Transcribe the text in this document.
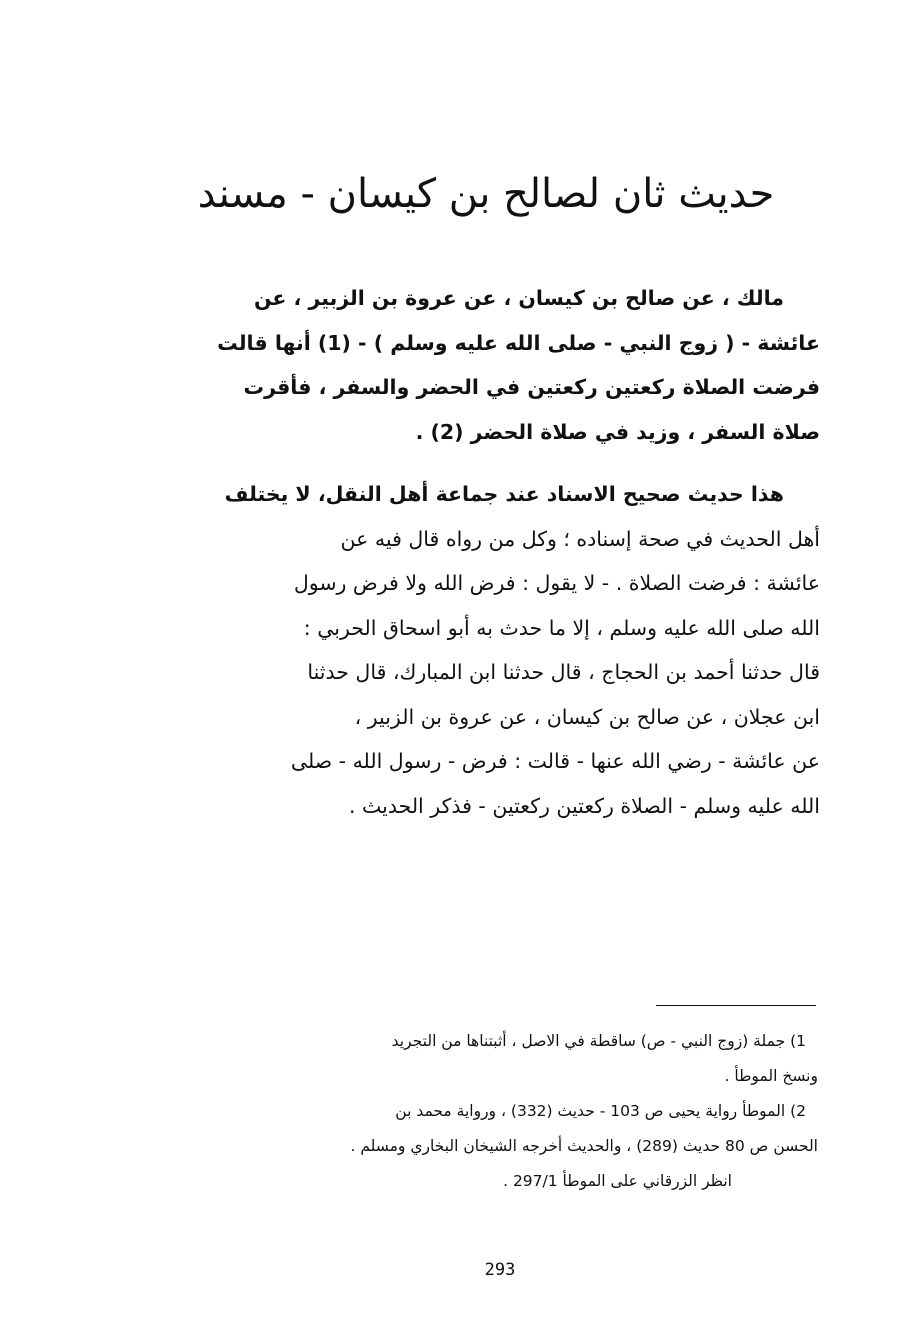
حديث ثان لصالح بن كيسان - مسند
مالك ، عن صالح بن كيسان ، عن عروة بن الزبير ، عن
عائشة - ( زوج النبي - صلى الله عليه وسلم ) - (1) أنها قالت
فرضت الصلاة ركعتين ركعتين في الحضر والسفر ، فأقرت
صلاة السفر ، وزيد في صلاة الحضر (2) .
هذا حديث صحيح الاسناد عند جماعة أهل النقل، لا يختلف
أهل الحديث في صحة إسناده ؛ وكل من رواه قال فيه عن
عائشة : فرضت الصلاة . - لا يقول : فرض الله ولا فرض رسول
الله صلى الله عليه وسلم ، إلا ما حدث به أبو اسحاق الحربي :
قال حدثنا أحمد بن الحجاج ، قال حدثنا ابن المبارك، قال حدثنا
ابن عجلان ، عن صالح بن كيسان ، عن عروة بن الزبير ،
عن عائشة - رضي الله عنها - قالت : فرض - رسول الله - صلى
الله عليه وسلم - الصلاة ركعتين ركعتين - فذكر الحديث .
1) جملة (زوج النبي - ص) ساقطة في الاصل ، أثبتناها من التجريد
ونسخ الموطأ .
2) الموطأ رواية يحيى ص 103 - حديث (332) ، ورواية محمد بن
الحسن ص 80 حديث (289) ، والحديث أخرجه الشيخان البخاري ومسلم .
انظر الزرقاني على الموطأ 297/1 .
293
